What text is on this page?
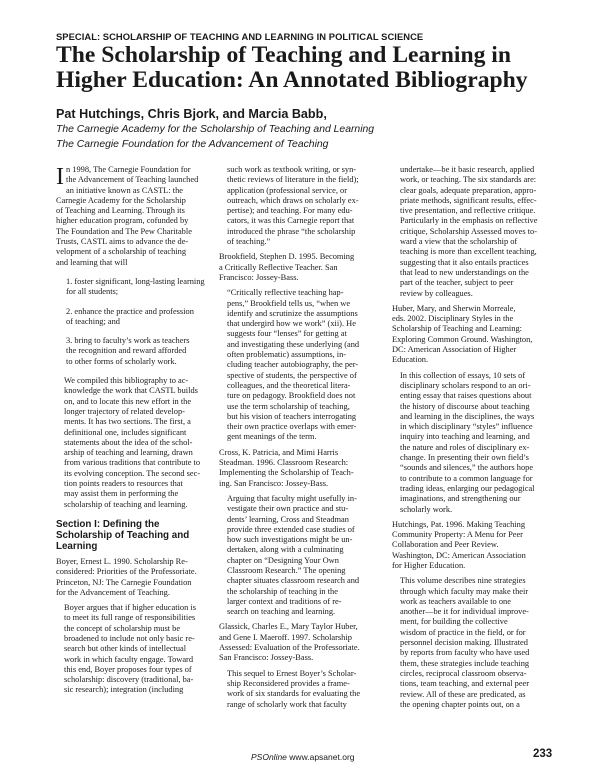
SPECIAL: SCHOLARSHIP OF TEACHING AND LEARNING IN POLITICAL SCIENCE
The Scholarship of Teaching and Learning in
Higher Education: An Annotated Bibliography
Pat Hutchings, Chris Bjork, and Marcia Babb,
The Carnegie Academy for the Scholarship of Teaching and Learning
The Carnegie Foundation for the Advancement of Teaching
I n 1998, The Carnegie Foundation for
the Advancement of Teaching launched
an initiative known as CASTL: the
Carnegie Academy for the Scholarship
of Teaching and Learning. Through its
higher education program, cofunded by
The Foundation and The Pew Charitable
Trusts, CASTL aims to advance the de-
velopment of a scholarship of teaching
and learning that will
1. foster significant, long-lasting learning
for all students;
2. enhance the practice and profession
of teaching; and
3. bring to faculty’s work as teachers
the recognition and reward afforded
to other forms of scholarly work.
We compiled this bibliography to ac-
knowledge the work that CASTL builds
on, and to locate this new effort in the
longer trajectory of related develop-
ments. It has two sections. The first, a
definitional one, includes significant
statements about the idea of the schol-
arship of teaching and learning, drawn
from various traditions that contribute to
its evolving conception. The second sec-
tion points readers to resources that
may assist them in performing the
scholarship of teaching and learning.
Section I: Defining the
Scholarship of Teaching and
Learning
Boyer, Ernest L. 1990. Scholarship Re-
considered: Priorities of the Professoriate.
Princeton, NJ: The Carnegie Foundation
for the Advancement of Teaching.
Boyer argues that if higher education is
to meet its full range of responsibilities
the concept of scholarship must be
broadened to include not only basic re-
search but other kinds of intellectual
work in which faculty engage. Toward
this end, Boyer proposes four types of
scholarship: discovery (traditional, ba-
sic research); integration (including
such work as textbook writing, or syn-
thetic reviews of literature in the field);
application (professional service, or
outreach, which draws on scholarly ex-
pertise); and teaching. For many edu-
cators, it was this Carnegie report that
introduced the phrase “the scholarship
of teaching.”
Brookfield, Stephen D. 1995. Becoming
a Critically Reflective Teacher. San
Francisco: Jossey-Bass.
“Critically reflective teaching hap-
pens,” Brookfield tells us, “when we
identify and scrutinize the assumptions
that undergird how we work” (xii). He
suggests four “lenses” for getting at
and investigating these underlying (and
often problematic) assumptions, in-
cluding teacher autobiography, the per-
spective of students, the perspective of
colleagues, and the theoretical litera-
ture on pedagogy. Brookfield does not
use the term scholarship of teaching,
but his vision of teachers interrogating
their own practice overlaps with emer-
gent meanings of the term.
Cross, K. Patricia, and Mimi Harris
Steadman. 1996. Classroom Research:
Implementing the Scholarship of Teach-
ing. San Francisco: Jossey-Bass.
Arguing that faculty might usefully in-
vestigate their own practice and stu-
dents’ learning, Cross and Steadman
provide three extended case studies of
how such investigations might be un-
dertaken, along with a culminating
chapter on “Designing Your Own
Classroom Research.” The opening
chapter situates classroom research and
the scholarship of teaching in the
larger context and traditions of re-
search on teaching and learning.
Glassick, Charles E., Mary Taylor Huber,
and Gene I. Maeroff. 1997. Scholarship
Assessed: Evaluation of the Professoriate.
San Francisco: Jossey-Bass.
This sequel to Ernest Boyer’s Scholar-
ship Reconsidered provides a frame-
work of six standards for evaluating the
range of scholarly work that faculty
undertake—be it basic research, applied
work, or teaching. The six standards are:
clear goals, adequate preparation, appro-
priate methods, significant results, effec-
tive presentation, and reflective critique.
Particularly in the emphasis on reflective
critique, Scholarship Assessed moves to-
ward a view that the scholarship of
teaching is more than excellent teaching,
suggesting that it also entails practices
that lead to new understandings on the
part of the teacher, subject to peer
review by colleagues.
Huber, Mary, and Sherwin Morreale,
eds. 2002. Disciplinary Styles in the
Scholarship of Teaching and Learning:
Exploring Common Ground. Washington,
DC: American Association of Higher
Education.
In this collection of essays, 10 sets of
disciplinary scholars respond to an ori-
enting essay that raises questions about
the history of discourse about teaching
and learning in the disciplines, the ways
in which disciplinary “styles” influence
inquiry into teaching and learning, and
the nature and roles of disciplinary ex-
change. In presenting their own field’s
“sounds and silences,” the authors hope
to contribute to a common language for
trading ideas, enlarging our pedagogical
imaginations, and strengthening our
scholarly work.
Hutchings, Pat. 1996. Making Teaching
Community Property: A Menu for Peer
Collaboration and Peer Review.
Washington, DC: American Association
for Higher Education.
This volume describes nine strategies
through which faculty may make their
work as teachers available to one
another—be it for individual improve-
ment, for building the collective
wisdom of practice in the field, or for
personnel decision making. Illustrated
by reports from faculty who have used
them, these strategies include teaching
circles, reciprocal classroom observa-
tions, team teaching, and external peer
review. All of these are predicated, as
the opening chapter points out, on a
PSOnline www.apsanet.org	233
